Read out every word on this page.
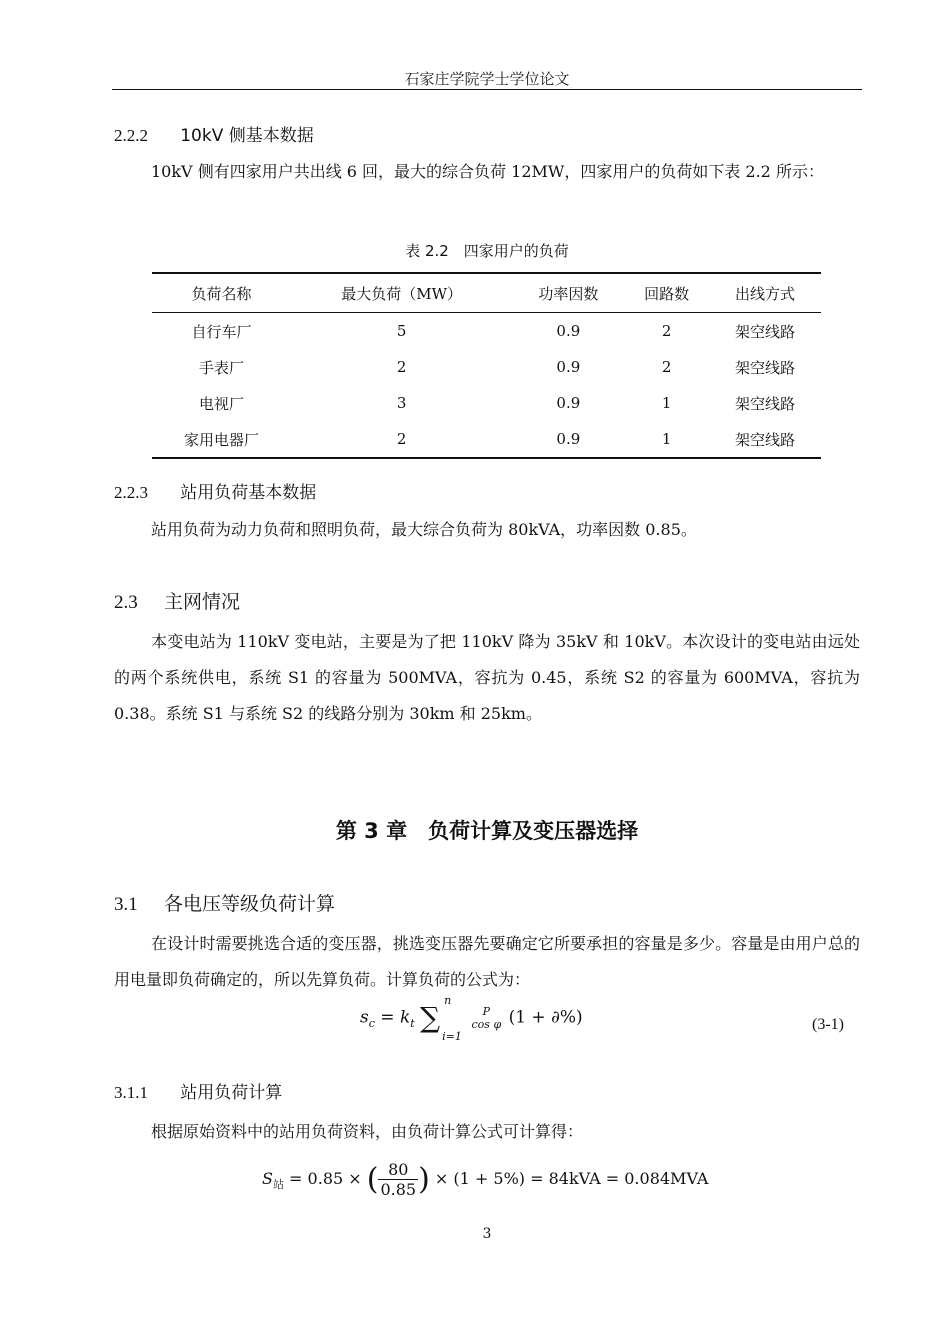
石家庄学院学士学位论文
2.2.2 10kV 侧基本数据
10kV 侧有四家用户共出线 6 回，最大的综合负荷 12MW，四家用户的负荷如下表 2.2 所示：
表 2.2　四家用户的负荷
负荷名称	最大负荷（MW）	功率因数	回路数	出线方式
自行车厂	5	0.9	2	架空线路
手表厂	2	0.9	2	架空线路
电视厂	3	0.9	1	架空线路
家用电器厂	2	0.9	1	架空线路
2.2.3 站用负荷基本数据
站用负荷为动力负荷和照明负荷，最大综合负荷为 80kVA，功率因数 0.85。
2.3 主网情况
本变电站为 110kV 变电站，主要是为了把 110kV 降为 35kV 和 10kV。本次设计的变电站由远处的两个系统供电，系统 S1 的容量为 500MVA，容抗为 0.45，系统 S2 的容量为 600MVA，容抗为 0.38。系统 S1 与系统 S2 的线路分别为 30km 和 25km。
第 3 章　负荷计算及变压器选择
3.1 各电压等级负荷计算
在设计时需要挑选合适的变压器，挑选变压器先要确定它所要承担的容量是多少。容量是由用户总的用电量即负荷确定的，所以先算负荷。计算负荷的公式为：
$s_c = k_t$ ∑
n
i=1

P
cos φ (1 + ∂%)	(3-1)
3.1.1 站用负荷计算
根据原始资料中的站用负荷资料，由负荷计算公式可计算得：
$S_站 = 0.85$ × ( $\frac{80}{0.85}$ ) × (1 + 5%) = 84kVA = 0.084MVA
3
